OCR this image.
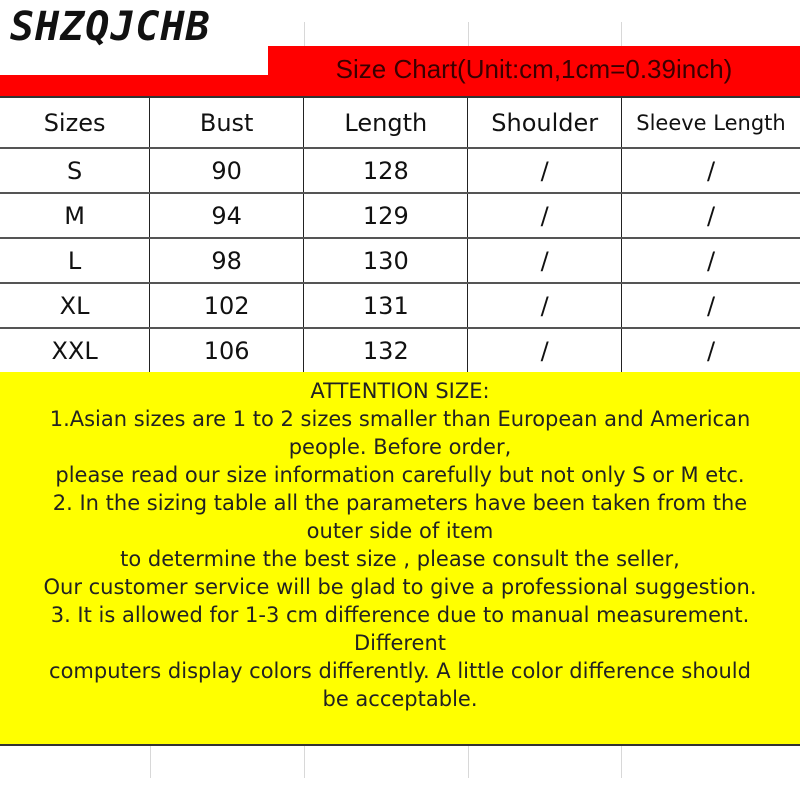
SHZQJCHB
Size Chart(Unit:cm,1cm=0.39inch)
Sizes	Bust	Length	Shoulder	Sleeve Length
S	90	128	/	/
M	94	129	/	/
L	98	130	/	/
XL	102	131	/	/
XXL	106	132	/	/
ATTENTION SIZE:
1.Asian sizes are 1 to 2 sizes smaller than European and American
people. Before order,
please read our size information carefully but not only S or M etc.
2. In the sizing table all the parameters have been taken from the
outer side of item
to determine the best size , please consult the seller,
Our customer service will be glad to give a professional suggestion.
3. It is allowed for 1-3 cm difference due to manual measurement.
Different
computers display colors differently. A little color difference should
be acceptable.
